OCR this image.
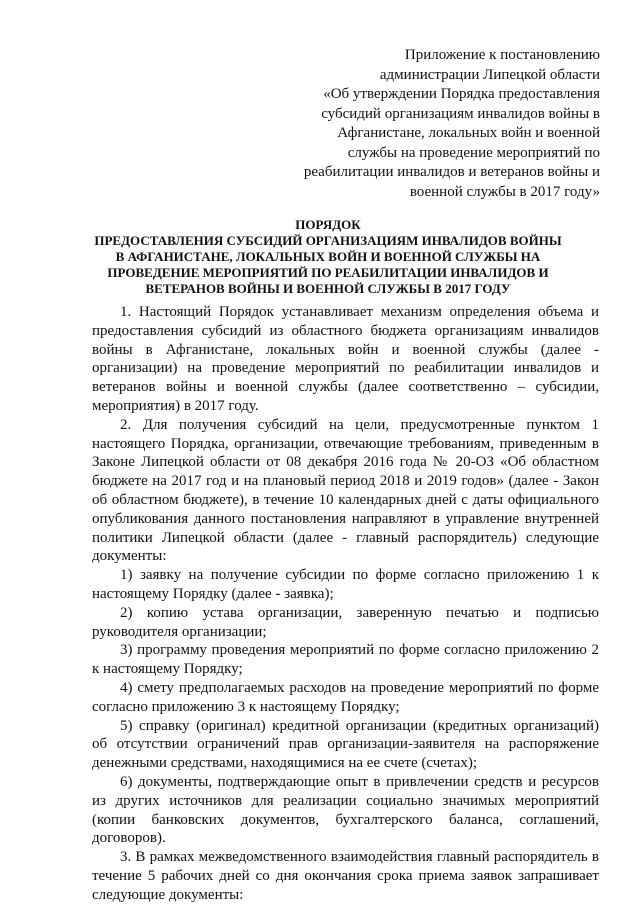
Приложение к постановлению
администрации Липецкой области
«Об утверждении Порядка предоставления
субсидий организациям инвалидов войны в
Афганистане, локальных войн и военной
службы на проведение мероприятий по
реабилитации инвалидов и ветеранов войны и
военной службы в 2017 году»
ПОРЯДОК
ПРЕДОСТАВЛЕНИЯ СУБСИДИЙ ОРГАНИЗАЦИЯМ ИНВАЛИДОВ ВОЙНЫ
В АФГАНИСТАНЕ, ЛОКАЛЬНЫХ ВОЙН И ВОЕННОЙ СЛУЖБЫ НА
ПРОВЕДЕНИЕ МЕРОПРИЯТИЙ ПО РЕАБИЛИТАЦИИ ИНВАЛИДОВ И
ВЕТЕРАНОВ ВОЙНЫ И ВОЕННОЙ СЛУЖБЫ В 2017 ГОДУ

1. Настоящий Порядок устанавливает механизм определения объема и предоставления субсидий из областного бюджета организациям инвалидов войны в Афганистане, локальных войн и военной службы (далее - организации) на проведение мероприятий по реабилитации инвалидов и ветеранов войны и военной службы (далее соответственно – субсидии, мероприятия) в 2017 году.

2. Для получения субсидий на цели, предусмотренные пунктом 1 настоящего Порядка, организации, отвечающие требованиям, приведенным в Законе Липецкой области от 08 декабря 2016 года № 20-ОЗ «Об областном бюджете на 2017 год и на плановый период 2018 и 2019 годов» (далее - Закон об областном бюджете), в течение 10 календарных дней с даты официального опубликования данного постановления направляют в управление внутренней политики Липецкой области (далее - главный распорядитель) следующие документы:

1) заявку на получение субсидии по форме согласно приложению 1 к настоящему Порядку (далее - заявка);

2) копию устава организации, заверенную печатью и подписью руководителя организации;

3) программу проведения мероприятий по форме согласно приложению 2 к настоящему Порядку;

4) смету предполагаемых расходов на проведение мероприятий по форме согласно приложению 3 к настоящему Порядку;

5) справку (оригинал) кредитной организации (кредитных организаций) об отсутствии ограничений прав организации-заявителя на распоряжение денежными средствами, находящимися на ее счете (счетах);

6) документы, подтверждающие опыт в привлечении средств и ресурсов из других источников для реализации социально значимых мероприятий (копии банковских документов, бухгалтерского баланса, соглашений, договоров).

3. В рамках межведомственного взаимодействия главный распорядитель в течение 5 рабочих дней со дня окончания срока приема заявок запрашивает следующие документы:
